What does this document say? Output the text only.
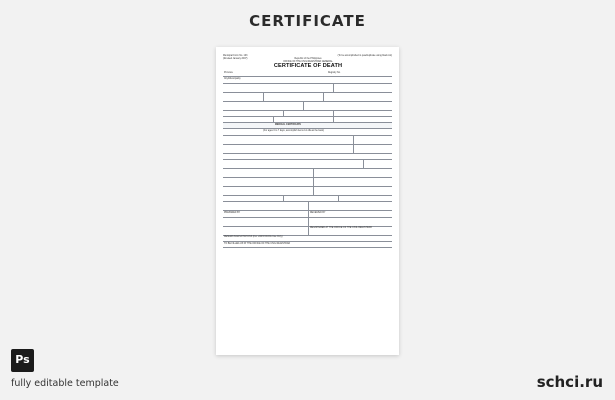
CERTIFICATE
Municipal Form No. 103
(Revised January 2007)
(To be accomplished in quadruplicate using black ink)
Republic of the Philippines
OFFICE OF THE CIVIL REGISTRAR GENERAL
CERTIFICATE OF DEATH
Province	Registry No.
City/Municipality
MEDICAL CERTIFICATE
(For ages 0 to 7 days, accomplish items 14-19a at the back)
PREPARED BY	RECEIVED BY
REGISTERED AT THE OFFICE OF THE CIVIL REGISTRAR
REMARKS/ANNOTATIONS (For LCRO/OCRG Use Only)
TO BE FILLED-UP AT THE OFFICE OF THE CIVIL REGISTRAR
Ps
fully editable template	schci.ru
